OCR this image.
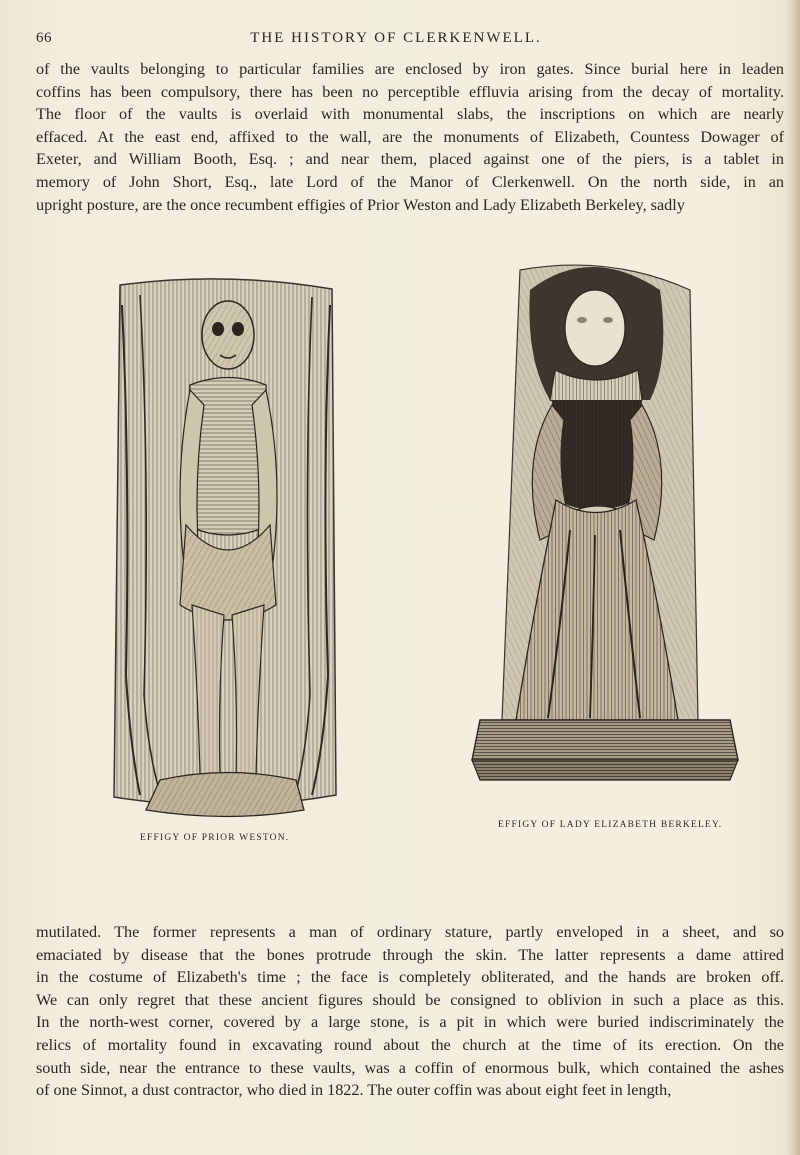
66	THE HISTORY OF CLERKENWELL.

of the vaults belonging to particular families are enclosed by iron gates. Since burial here in leaden
coffins has been compulsory, there has been no perceptible effluvia arising from the decay of mortality.
The floor of the vaults is overlaid with monumental slabs, the inscriptions on which are nearly
effaced. At the east end, affixed to the wall, are the monuments of Elizabeth, Countess Dowager of
Exeter, and William Booth, Esq. ; and near them, placed against one of the piers, is a tablet in
memory of John Short, Esq., late Lord of the Manor of Clerkenwell. On the north side, in an
upright posture, are the once recumbent effigies of Prior Weston and Lady Elizabeth Berkeley, sadly

EFFIGY OF PRIOR WESTON.
EFFIGY OF LADY ELIZABETH BERKELEY.

mutilated. The former represents a man of ordinary stature, partly enveloped in a sheet, and so
emaciated by disease that the bones protrude through the skin. The latter represents a dame attired
in the costume of Elizabeth's time ; the face is completely obliterated, and the hands are broken off.
We can only regret that these ancient figures should be consigned to oblivion in such a place as this.
In the north-west corner, covered by a large stone, is a pit in which were buried indiscriminately the
relics of mortality found in excavating round about the church at the time of its erection. On the
south side, near the entrance to these vaults, was a coffin of enormous bulk, which contained the ashes
of one Sinnot, a dust contractor, who died in 1822. The outer coffin was about eight feet in length,
